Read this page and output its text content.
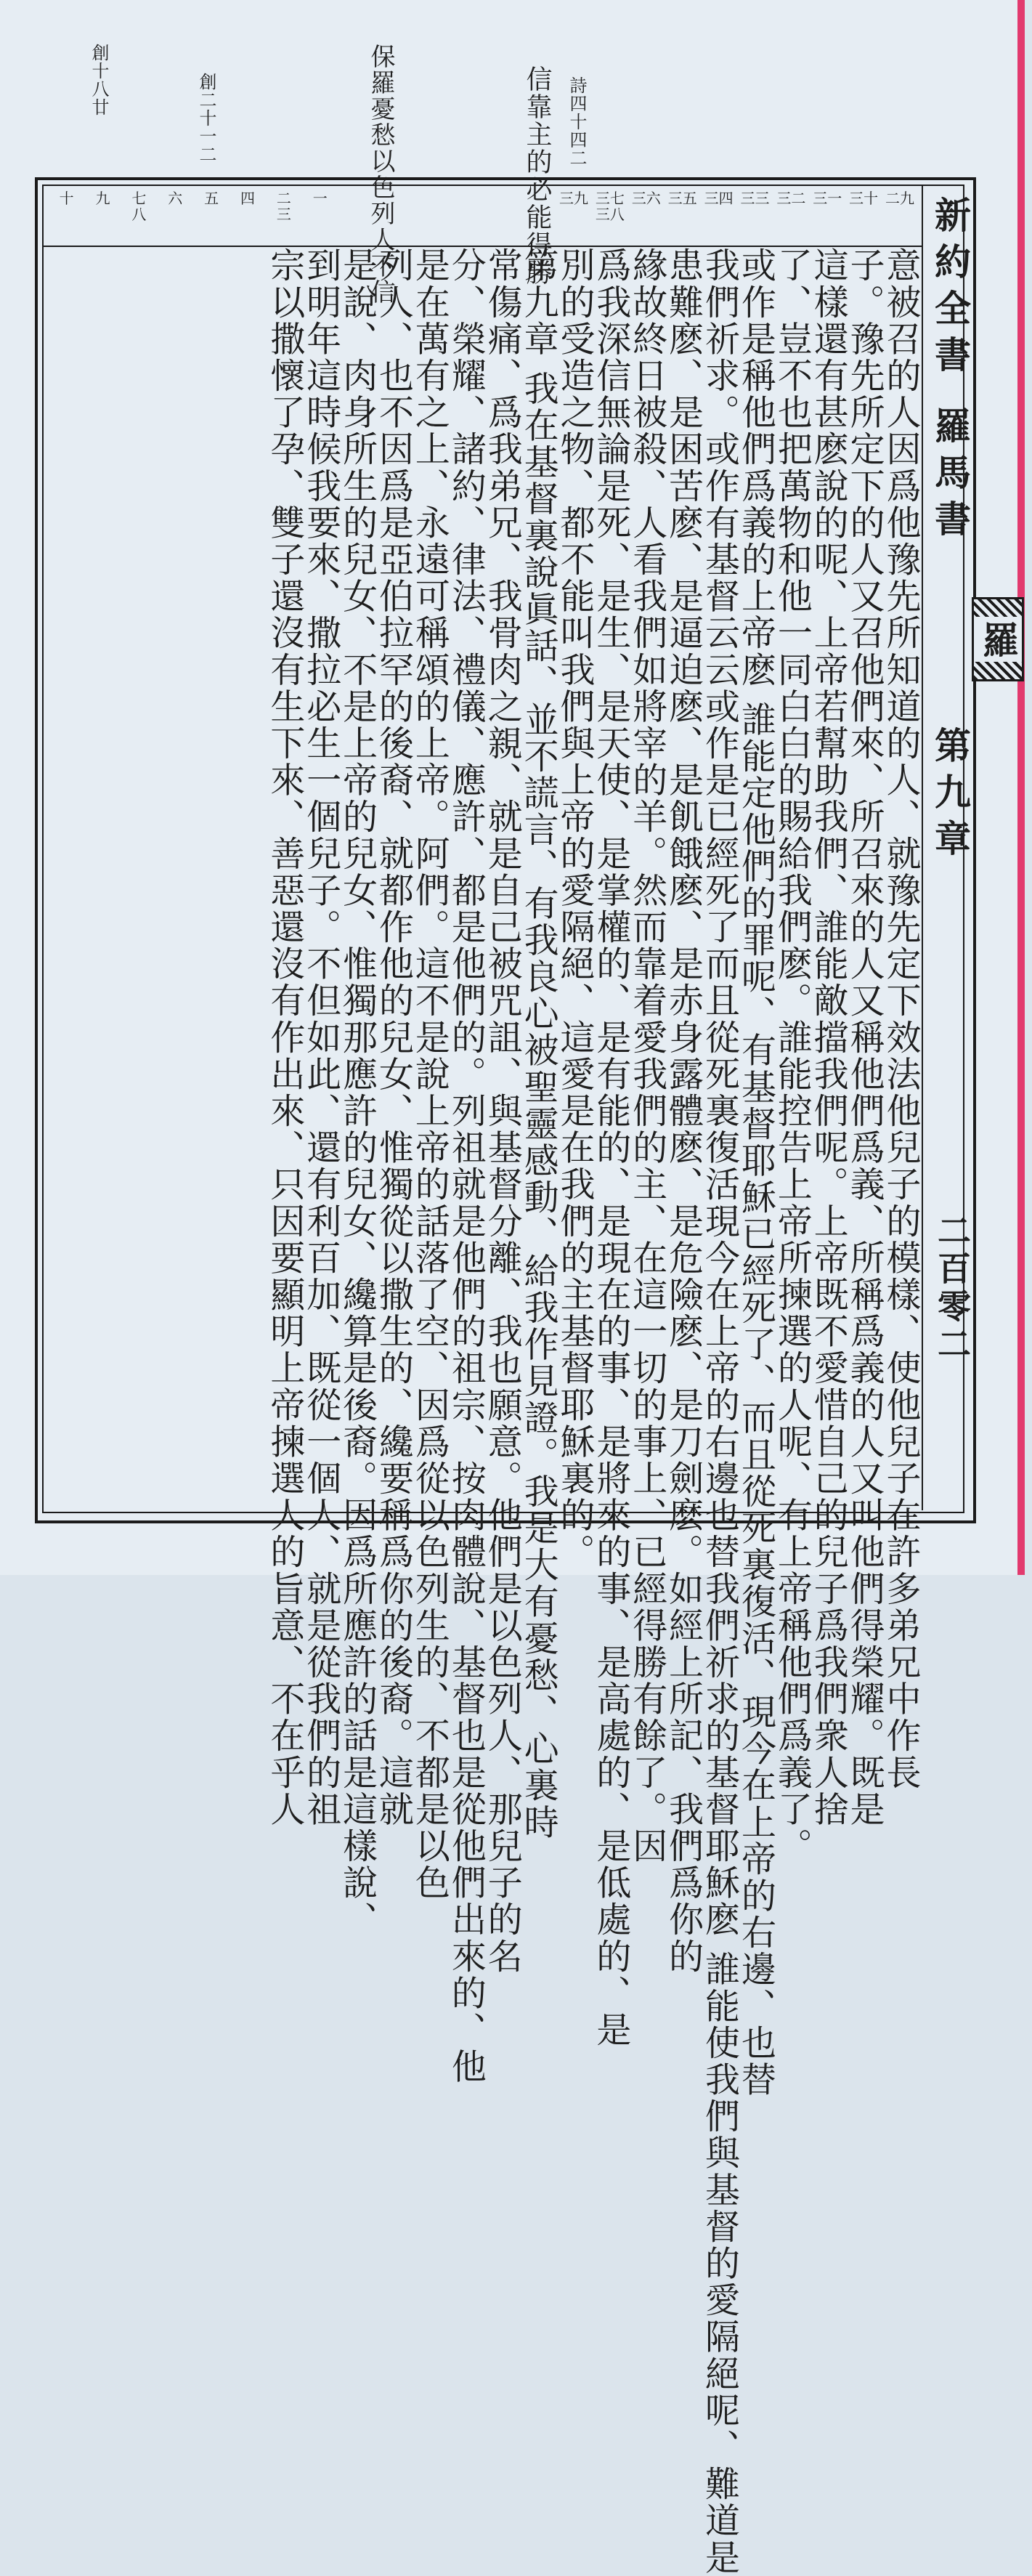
詩四十四二
信靠主的必能得勝
保羅憂愁以色列人不信
創二十一二
創十八廿
新約全書
羅馬書
第九章
二百零二
羅
二九
三十
三一
三二
三三
三四
三五
三六
三七
三八
三九
一
二
三
四
五
六
七
八
九
十
意被召的人因爲他豫先所知道的人、就豫先定下效法他兒子的模樣、使他兒子在許多弟兄中作長
子。豫先所定下的人又召他們來、所召來的人又稱他們爲義、所稱爲義的人又叫他們得榮耀。既是
這樣還有甚麽說的呢、上帝若幫助我們、誰能敵擋我們呢。上帝既不愛惜自己的兒子爲我們衆人捨
了、豈不也把萬物和他一同白白的賜給我們麽。誰能控告上帝所揀選的人呢、有上帝稱他們爲義了。
或作是稱他們爲義的上帝麽 誰能定他們的罪呢、有基督耶穌已經死了、而且從死裏復活、現今在上帝的右邊、也替
我們祈求。或作有基督云云或作是已經死了而且從死裏復活現今在上帝的右邊也替我們祈求的基督耶穌麽 誰能使我們與基督的愛隔絕呢、難道是
患難麽、是困苦麽、是逼迫麽、是飢餓麽、是赤身露體麽、是危險麽、是刀劍麽。如經上所記、我們爲你的
緣故終日被殺、人看我們如將宰的羊。然而靠着愛我們的主、在這一切的事上、已經得勝有餘了。因
爲我深信無論是死、是生、是天使、是掌權的、是有能的、是現在的事、是將來的事、是高處的、是低處的、是
別的受造之物、都不能叫我們與上帝的愛隔絕、這愛是在我們的主基督耶穌裏的。
第九章 我在基督裏說眞話、並不謊言、有我良心被聖靈感動、給我作見證。我是大有憂愁、心裏時
常傷痛、爲我弟兄、我骨肉之親、就是自己被咒詛、與基督分離、我也願意。他們是以色列人、那兒子的名
分、榮耀、諸約、律法、禮儀、應許、都是他們的。列祖就是他們的祖宗、按肉體說、基督也是從他們出來的、他
是在萬有之上、永遠可稱頌的上帝。阿們。這不是說上帝的話落了空、因爲從以色列生的、不都是以色
列人、也不因爲是亞伯拉罕的後裔、就都作他的兒女、惟獨從以撒生的、纔要稱爲你的後裔。這就
是說、肉身所生的兒女、不是上帝的兒女、惟獨那應許的兒女、纔算是後裔。因爲所應許的話是這樣說、
到明年這時候我要來、撒拉必生一個兒子。不但如此、還有利百加、既從一個人、就是從我們的祖
宗以撒懷了孕、雙子還沒有生下來、善惡還沒有作出來、只因要顯明上帝揀選人的旨意、不在乎人
